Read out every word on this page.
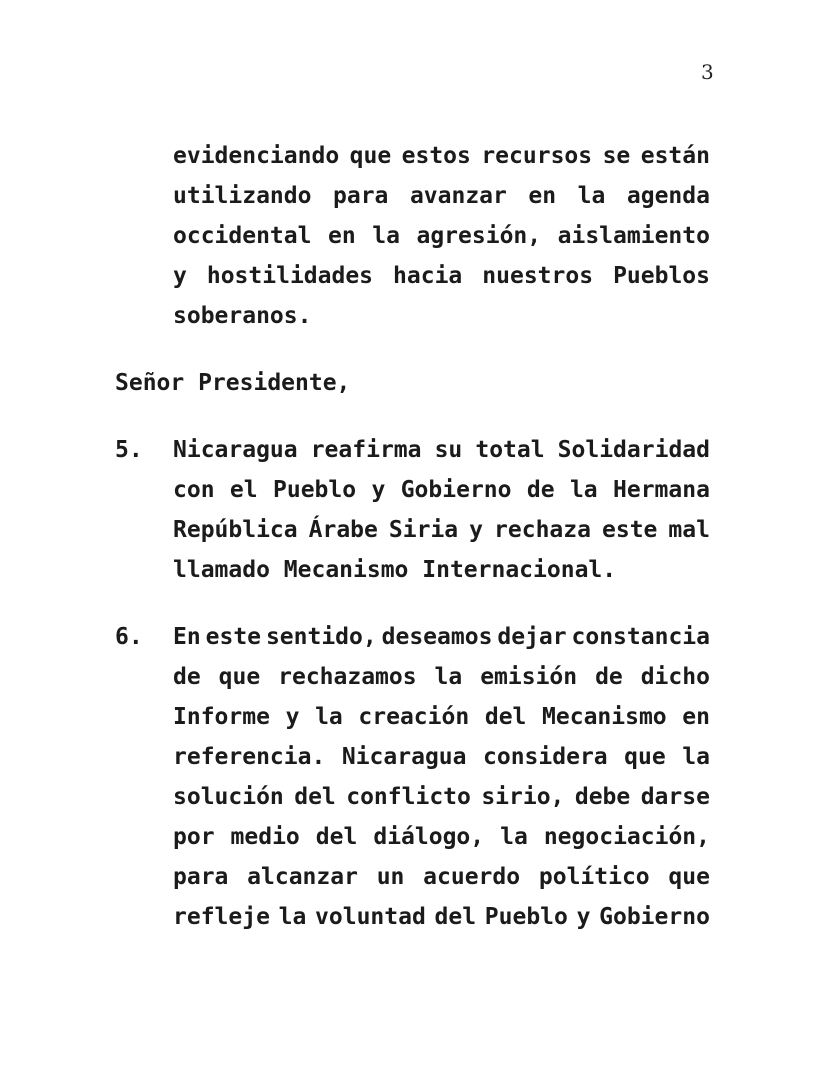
3
evidenciando que estos recursos se están
utilizando para avanzar en la agenda
occidental en la agresión, aislamiento
y hostilidades hacia nuestros Pueblos
soberanos.
Señor Presidente,
5. Nicaragua reafirma su total Solidaridad
con el Pueblo y Gobierno de la Hermana
República Árabe Siria y rechaza este mal
llamado Mecanismo Internacional.
6. En este sentido, deseamos dejar constancia
de que rechazamos la emisión de dicho
Informe y la creación del Mecanismo en
referencia. Nicaragua considera que la
solución del conflicto sirio, debe darse
por medio del diálogo, la negociación,
para alcanzar un acuerdo político que
refleje la voluntad del Pueblo y Gobierno
